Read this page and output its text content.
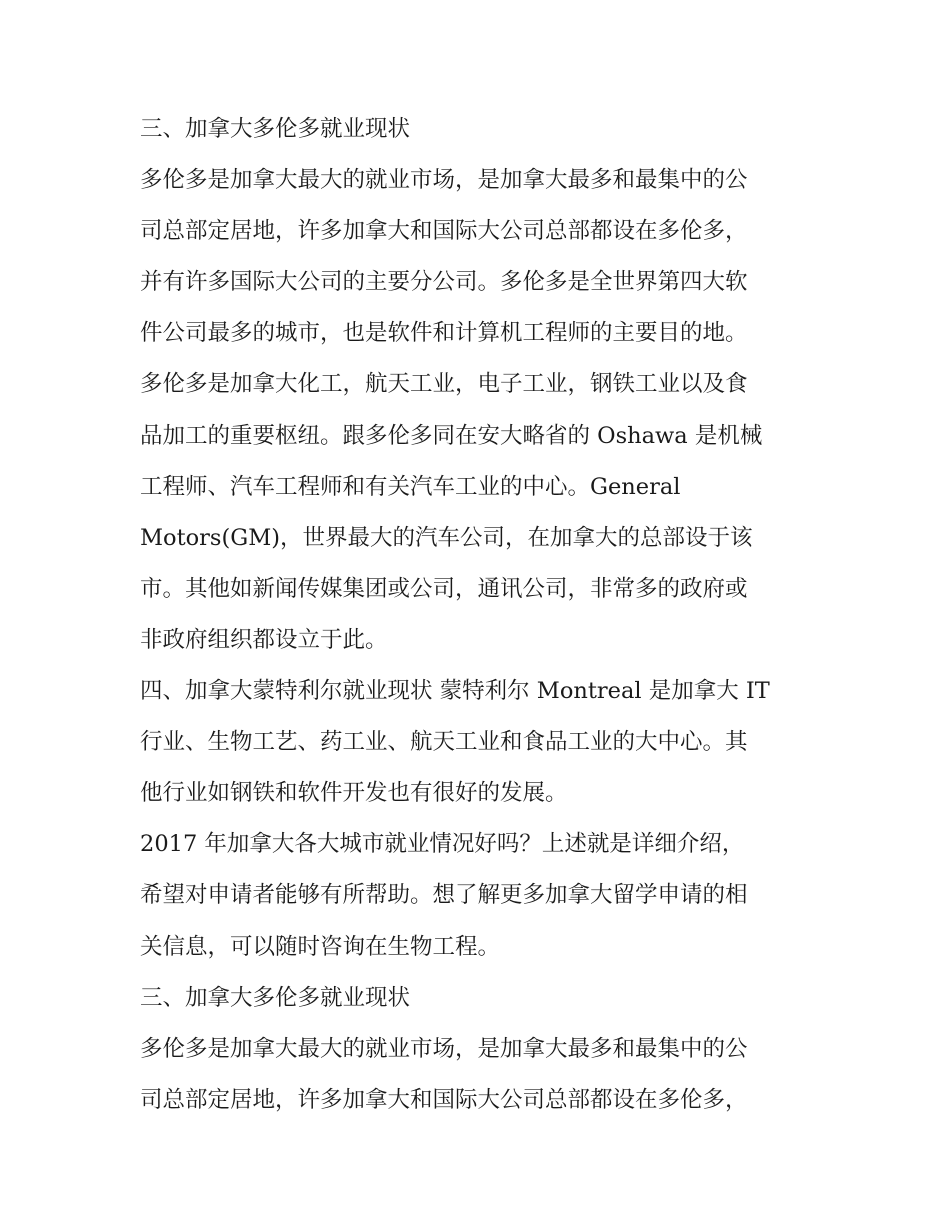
三、加拿大多伦多就业现状
多伦多是加拿大最大的就业市场，是加拿大最多和最集中的公
司总部定居地，许多加拿大和国际大公司总部都设在多伦多，
并有许多国际大公司的主要分公司。多伦多是全世界第四大软
件公司最多的城市，也是软件和计算机工程师的主要目的地。
多伦多是加拿大化工，航天工业，电子工业，钢铁工业以及食
品加工的重要枢纽。跟多伦多同在安大略省的 Oshawa 是机械
工程师、汽车工程师和有关汽车工业的中心。General
Motors(GM)，世界最大的汽车公司，在加拿大的总部设于该
市。其他如新闻传媒集团或公司，通讯公司，非常多的政府或
非政府组织都设立于此。
四、加拿大蒙特利尔就业现状 蒙特利尔 Montreal 是加拿大 IT
行业、生物工艺、药工业、航天工业和食品工业的大中心。其
他行业如钢铁和软件开发也有很好的发展。
2017 年加拿大各大城市就业情况好吗？上述就是详细介绍，
希望对申请者能够有所帮助。想了解更多加拿大留学申请的相
关信息，可以随时咨询在生物工程。
三、加拿大多伦多就业现状
多伦多是加拿大最大的就业市场，是加拿大最多和最集中的公
司总部定居地，许多加拿大和国际大公司总部都设在多伦多，
